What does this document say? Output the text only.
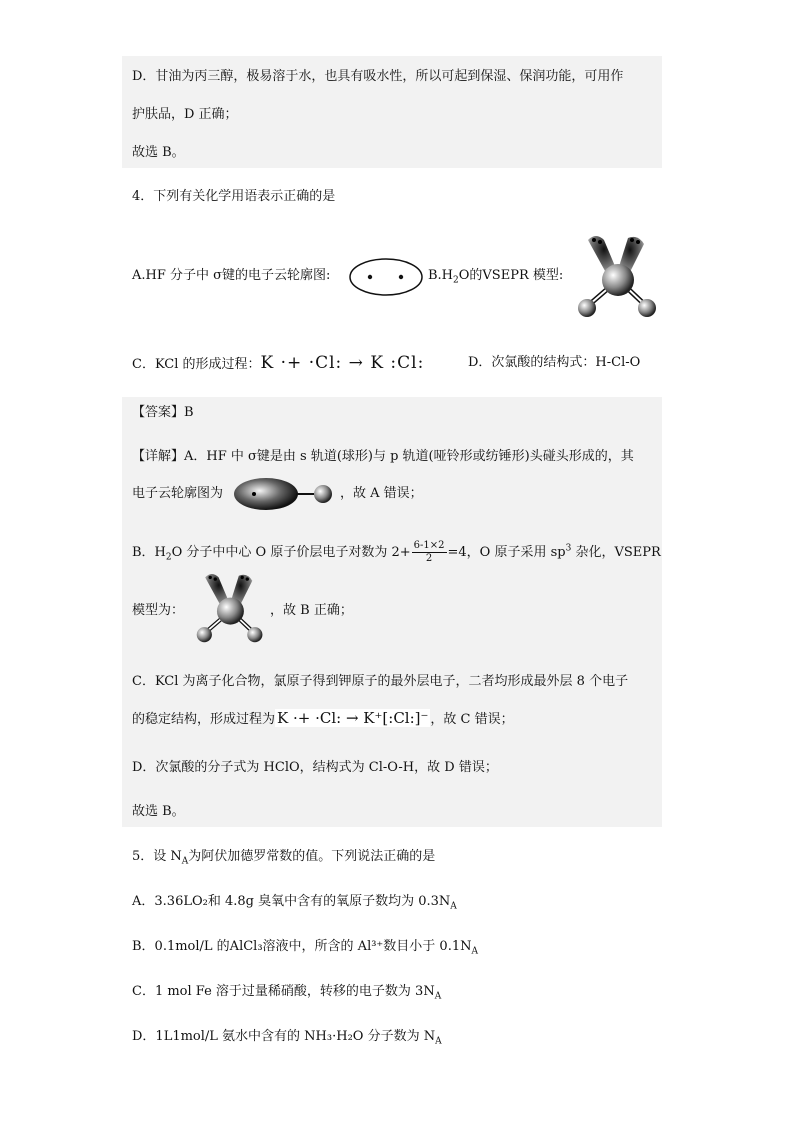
D．甘油为丙三醇，极易溶于水，也具有吸水性，所以可起到保湿、保润功能，可用作
护肤品，D 正确；
故选 B。
4．下列有关化学用语表示正确的是
A.HF 分子中 σ键的电子云轮廓图:	$B.H_2O$的VSEPR 模型:
C．KCl 的形成过程：K ·+ ·Cl: → K :Cl:	D．次氯酸的结构式：H-Cl-O
【答案】B
【详解】A．HF 中 σ键是由 s 轨道(球形)与 p 轨道(哑铃形或纺锤形)头碰头形成的，其
电子云轮廓图为	，故 A 错误；
B．$H_2O$ 分子中中心 O 原子价层电子对数为 $2+ \frac{6-1\times 2}{2} =4$，O 原子采用 $sp^3$ 杂化，VSEPR
模型为：	，故 B 正确；
C．KCl 为离子化合物，氯原子得到钾原子的最外层电子，二者均形成最外层 8 个电子
的稳定结构，形成过程为 K ·+ ·Cl: → K⁺[:Cl:]⁻ ，故 C 错误；
D．次氯酸的分子式为 HClO，结构式为 Cl-O-H，故 D 错误；
故选 B。
5．设 $N_A$为阿伏加德罗常数的值。下列说法正确的是
A．3.36LO₂和 4.8g 臭氧中含有的氧原子数均为 $0.3N_A$
B．0.1mol/L 的AlCl₃溶液中，所含的 Al³⁺数目小于 $0.1N_A$
C．1 mol Fe 溶于过量稀硝酸，转移的电子数为 $3N_A$
D．1L1mol/L 氨水中含有的 NH₃·H₂O 分子数为 $N_A$
